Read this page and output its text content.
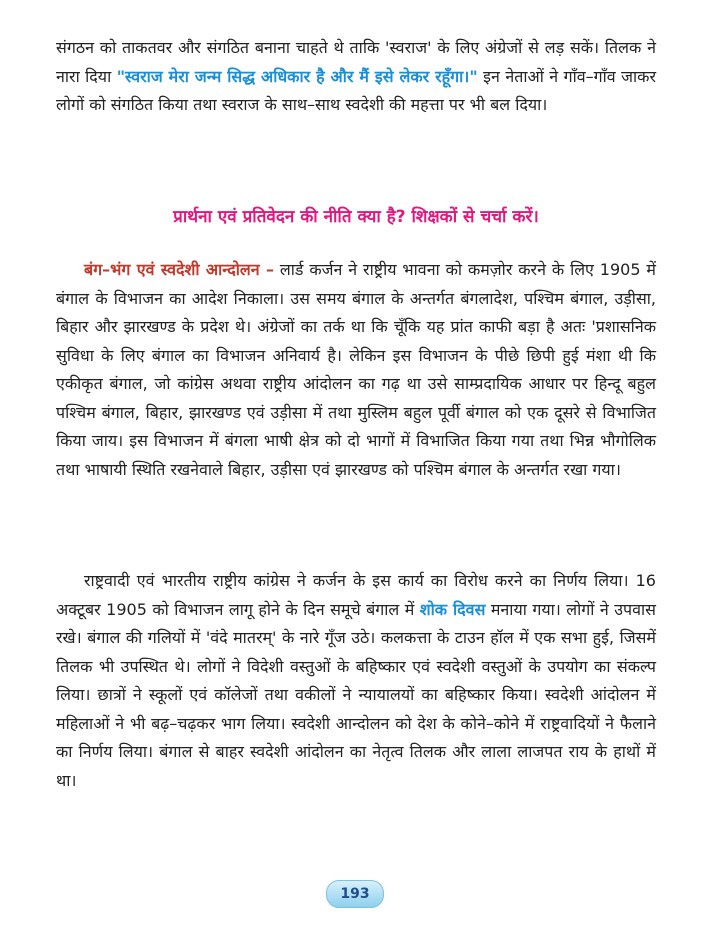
संगठन को ताकतवर और संगठित बनाना चाहते थे ताकि 'स्वराज' के लिए अंग्रेजों से लड़ सकें। तिलक ने नारा दिया "स्वराज मेरा जन्म सिद्ध अधिकार है और मैं इसे लेकर रहूँगा।" इन नेताओं ने गाँव–गाँव जाकर लोगों को संगठित किया तथा स्वराज के साथ–साथ स्वदेशी की महत्ता पर भी बल दिया।
प्रार्थना एवं प्रतिवेदन की नीति क्या है? शिक्षकों से चर्चा करें।
बंग–भंग एवं स्वदेशी आन्दोलन – लार्ड कर्जन ने राष्ट्रीय भावना को कमज़ोर करने के लिए 1905 में बंगाल के विभाजन का आदेश निकाला। उस समय बंगाल के अन्तर्गत बंगलादेश, पश्चिम बंगाल, उड़ीसा, बिहार और झारखण्ड के प्रदेश थे। अंग्रेजों का तर्क था कि चूँकि यह प्रांत काफी बड़ा है अतः 'प्रशासनिक सुविधा के लिए बंगाल का विभाजन अनिवार्य है। लेकिन इस विभाजन के पीछे छिपी हुई मंशा थी कि एकीकृत बंगाल, जो कांग्रेस अथवा राष्ट्रीय आंदोलन का गढ़ था उसे साम्प्रदायिक आधार पर हिन्दू बहुल पश्चिम बंगाल, बिहार, झारखण्ड एवं उड़ीसा में तथा मुस्लिम बहुल पूर्वी बंगाल को एक दूसरे से विभाजित किया जाय। इस विभाजन में बंगला भाषी क्षेत्र को दो भागों में विभाजित किया गया तथा भिन्न भौगोलिक तथा भाषायी स्थिति रखनेवाले बिहार, उड़ीसा एवं झारखण्ड को पश्चिम बंगाल के अन्तर्गत रखा गया।
राष्ट्रवादी एवं भारतीय राष्ट्रीय कांग्रेस ने कर्जन के इस कार्य का विरोध करने का निर्णय लिया। 16 अक्टूबर 1905 को विभाजन लागू होने के दिन समूचे बंगाल में शोक दिवस मनाया गया। लोगों ने उपवास रखे। बंगाल की गलियों में 'वंदे मातरम्' के नारे गूँज उठे। कलकत्ता के टाउन हॉल में एक सभा हुई, जिसमें तिलक भी उपस्थित थे। लोगों ने विदेशी वस्तुओं के बहिष्कार एवं स्वदेशी वस्तुओं के उपयोग का संकल्प लिया। छात्रों ने स्कूलों एवं कॉलेजों तथा वकीलों ने न्यायालयों का बहिष्कार किया। स्वदेशी आंदोलन में महिलाओं ने भी बढ़–चढ़कर भाग लिया। स्वदेशी आन्दोलन को देश के कोने–कोने में राष्ट्रवादियों ने फैलाने का निर्णय लिया। बंगाल से बाहर स्वदेशी आंदोलन का नेतृत्व तिलक और लाला लाजपत राय के हाथों में था।
193
